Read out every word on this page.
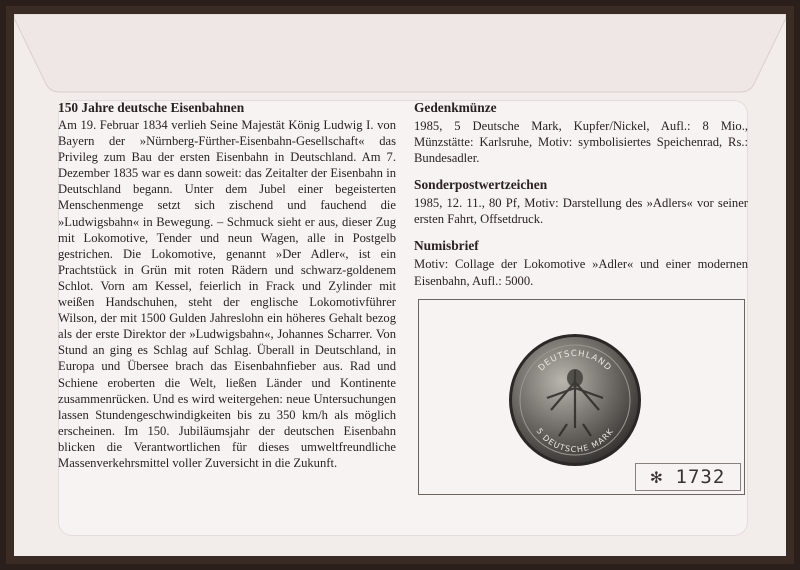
150 Jahre deutsche Eisenbahnen
Am 19. Februar 1834 verlieh Seine Majestät König Ludwig I. von Bayern der »Nürnberg-Fürther-Eisenbahn-Gesellschaft« das Privileg zum Bau der ersten Eisenbahn in Deutschland. Am 7. Dezember 1835 war es dann soweit: das Zeitalter der Eisenbahn in Deutschland begann. Unter dem Jubel einer begeisterten Menschenmenge setzt sich zischend und fauchend die »Ludwigsbahn« in Bewegung. – Schmuck sieht er aus, dieser Zug mit Lokomotive, Tender und neun Wagen, alle in Postgelb gestrichen. Die Lokomotive, genannt »Der Adler«, ist ein Prachtstück in Grün mit roten Rädern und schwarz-goldenem Schlot. Vorn am Kessel, feierlich in Frack und Zylinder mit weißen Handschuhen, steht der englische Lokomotivführer Wilson, der mit 1500 Gulden Jahreslohn ein höheres Gehalt bezog als der erste Direktor der »Ludwigsbahn«, Johannes Scharrer. Von Stund an ging es Schlag auf Schlag. Überall in Deutschland, in Europa und Übersee brach das Eisenbahnfieber aus. Rad und Schiene eroberten die Welt, ließen Länder und Kontinente zusammenrücken. Und es wird weitergehen: neue Untersuchungen lassen Stundengeschwindigkeiten bis zu 350 km/h als möglich erscheinen. Im 150. Jubiläumsjahr der deutschen Eisenbahn blicken die Verantwortlichen für dieses umweltfreundliche Massenverkehrsmittel voller Zuversicht in die Zukunft.
Gedenkmünze
1985, 5 Deutsche Mark, Kupfer/Nickel, Aufl.: 8 Mio., Münzstätte: Karlsruhe, Motiv: symbolisiertes Speichenrad, Rs.: Bundesadler.
Sonderpostwertzeichen
1985, 12. 11., 80 Pf, Motiv: Darstellung des »Adlers« vor seiner ersten Fahrt, Offsetdruck.
Numisbrief
Motiv: Collage der Lokomotive »Adler« und einer modernen Eisenbahn, Aufl.: 5000.
DEUTSCHLAND
5 DEUTSCHE MARK
✻ 1732
